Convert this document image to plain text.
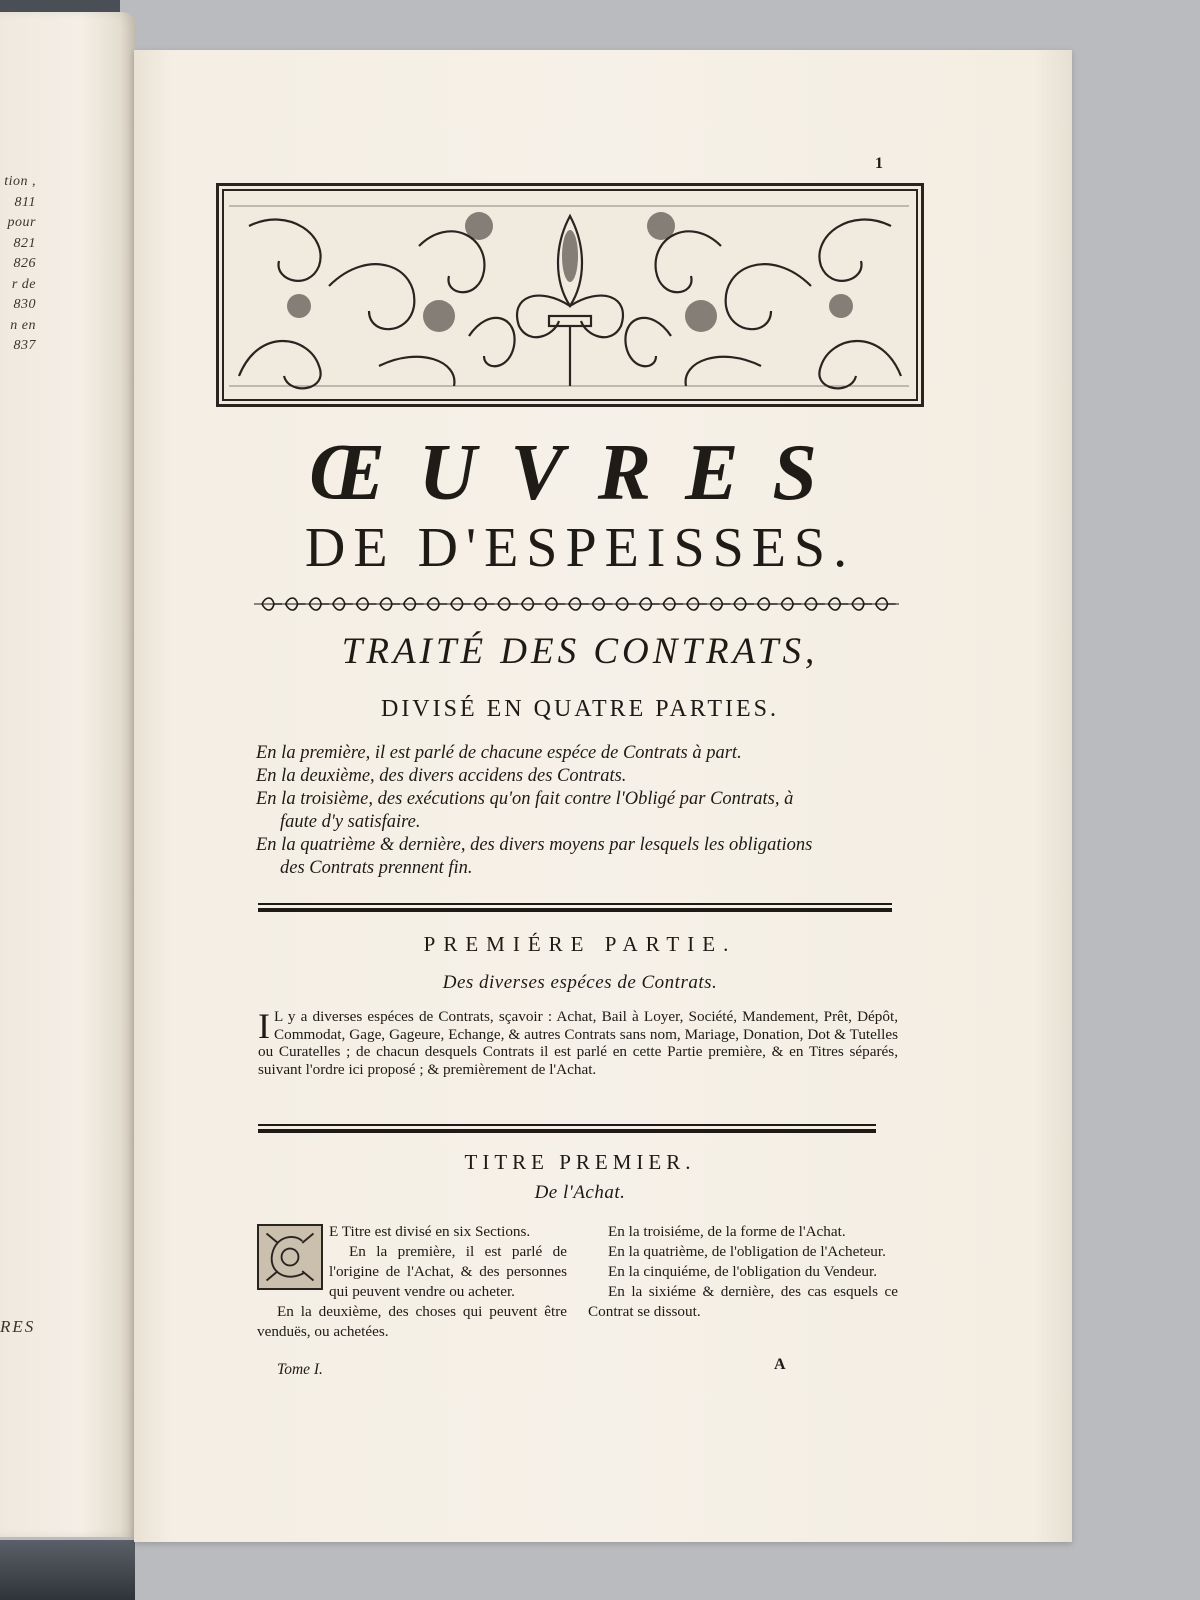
tion ,
811
pour
821
826
r de
830
n en
837
RES
1
ŒUVRES
DE D'ESPEISSES.
TRAITÉ DES CONTRATS,
DIVISÉ EN QUATRE PARTIES.
En la première, il est parlé de chacune espéce de Contrats à part.
En la deuxième, des divers accidens des Contrats.
En la troisième, des exécutions qu'on fait contre l'Obligé par Contrats, à
faute d'y satisfaire.
En la quatrième & dernière, des divers moyens par lesquels les obligations
des Contrats prennent fin.
PREMIÉRE PARTIE.
Des diverses espéces de Contrats.
I L y a diverses espéces de Contrats, sçavoir : Achat, Bail à Loyer, Société, Mandement, Prêt, Dépôt, Commodat, Gage, Gageure, Echange, & autres Contrats sans nom, Mariage, Donation, Dot & Tutelles ou Curatelles ; de chacun desquels Contrats il est parlé en cette Partie première, & en Titres séparés, suivant l'ordre ici proposé ; & premièrement de l'Achat.
TITRE PREMIER.
De l'Achat.

E Titre est divisé en six Sections.

En la première, il est parlé de l'origine de l'Achat, & des personnes qui peuvent vendre ou acheter.

En la deuxième, des choses qui peuvent être venduës, ou achetées.

En la troisiéme, de la forme de l'Achat.

En la quatrième, de l'obligation de l'Acheteur.

En la cinquiéme, de l'obligation du Vendeur.

En la sixiéme & dernière, des cas esquels ce Contrat se dissout.

Tome I.	A
